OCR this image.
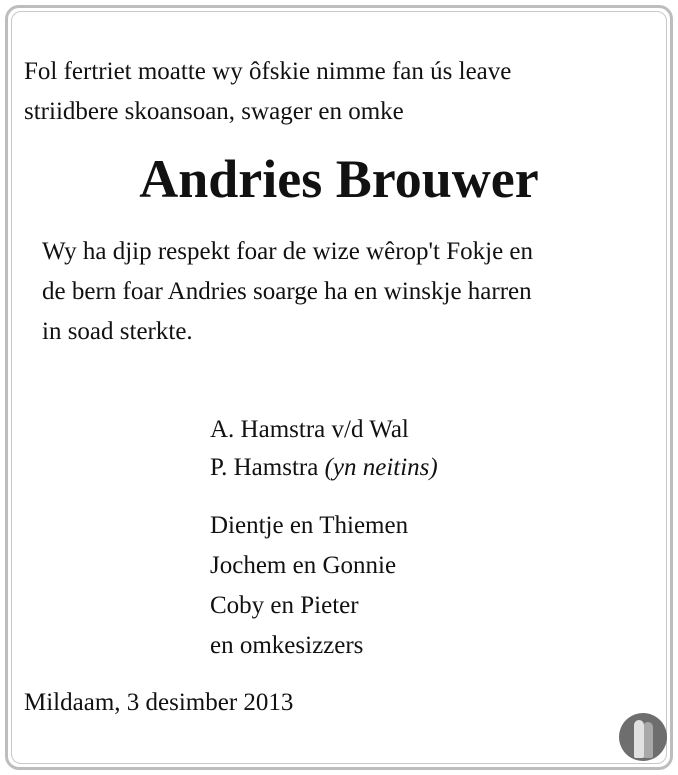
Fol fertriet moatte wy ôfskie nimme fan ús leave
striidbere skoansoan, swager en omke
Andries Brouwer
Wy ha djip respekt foar de wize wêrop't Fokje en
de bern foar Andries soarge ha en winskje harren
in soad sterkte.
A. Hamstra v/d Wal
P. Hamstra (yn neitins)
Dientje en Thiemen
Jochem en Gonnie
Coby en Pieter
en omkesizzers
Mildaam, 3 desimber 2013
